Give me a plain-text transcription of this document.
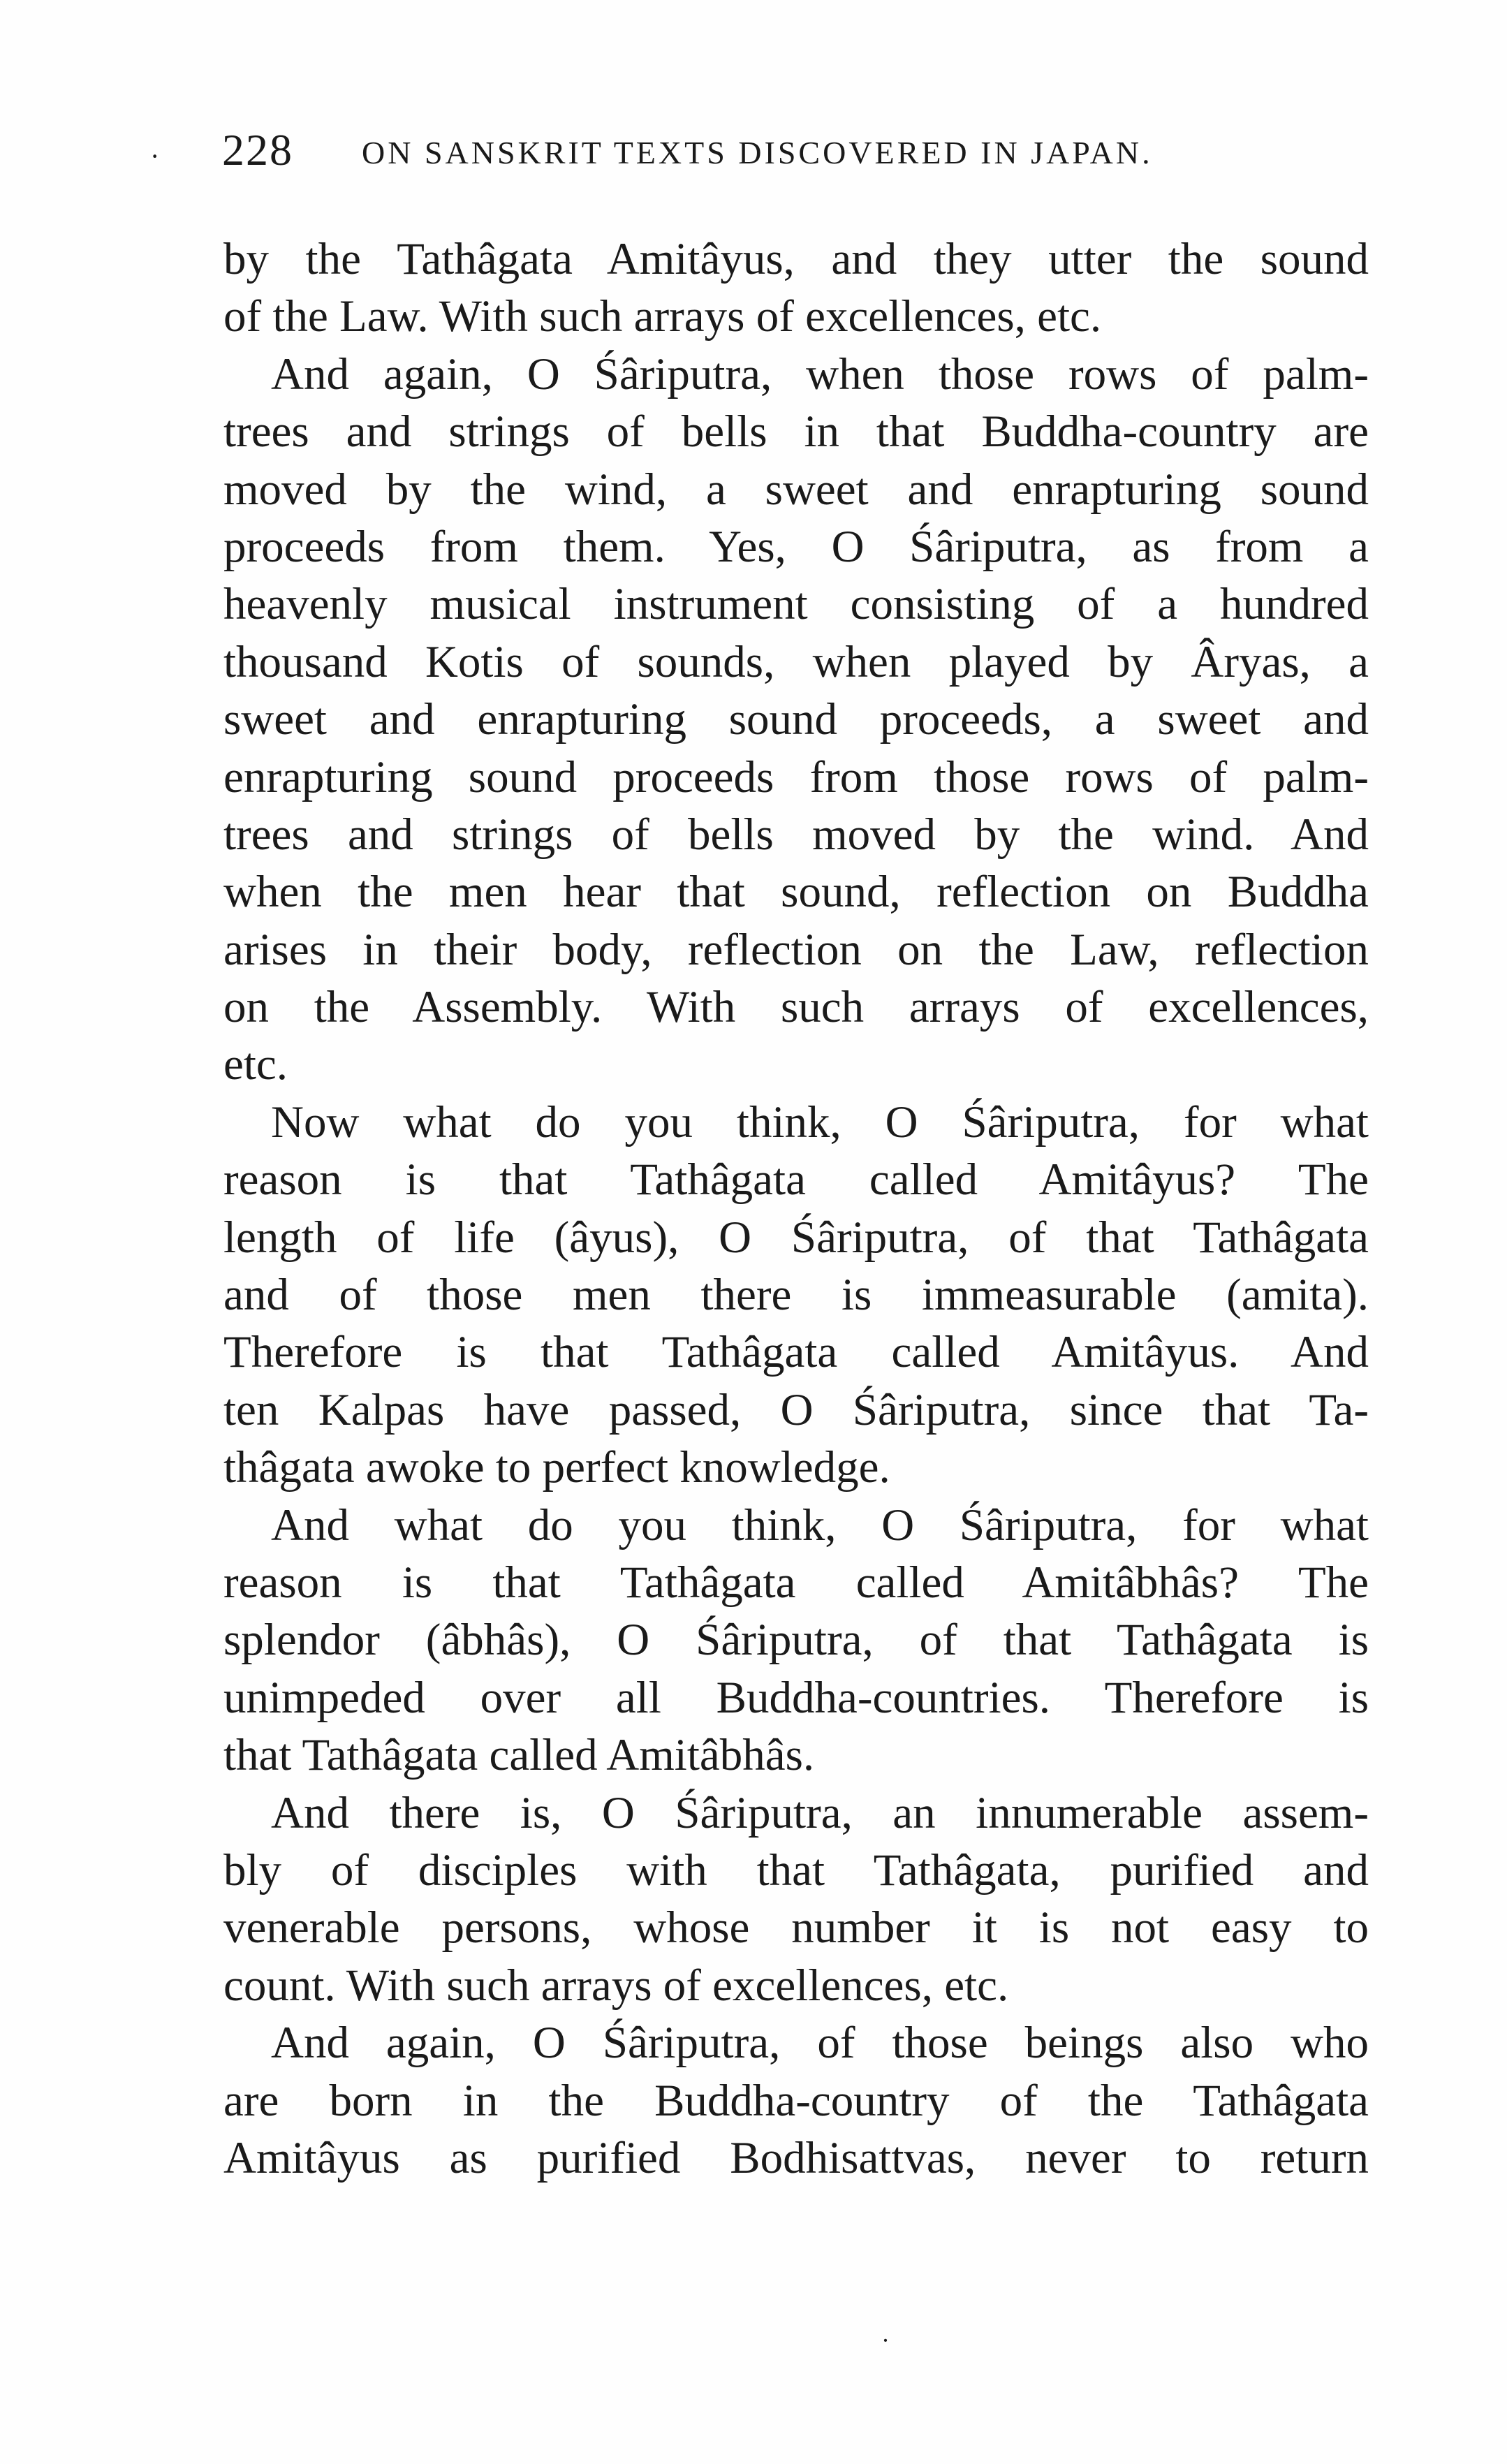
· 228 ON SANSKRIT TEXTS DISCOVERED IN JAPAN.
by the Tathâgata Amitâyus, and they utter the sound
of the Law. With such arrays of excellences, etc.
And again, O Śâriputra, when those rows of palm-
trees and strings of bells in that Buddha-country are
moved by the wind, a sweet and enrapturing sound
proceeds from them. Yes, O Śâriputra, as from a
heavenly musical instrument consisting of a hundred
thousand Kotis of sounds, when played by Âryas, a
sweet and enrapturing sound proceeds, a sweet and
enrapturing sound proceeds from those rows of palm-
trees and strings of bells moved by the wind. And
when the men hear that sound, reflection on Buddha
arises in their body, reflection on the Law, reflection
on the Assembly. With such arrays of excellences,
etc.
Now what do you think, O Śâriputra, for what
reason is that Tathâgata called Amitâyus? The
length of life (âyus), O Śâriputra, of that Tathâgata
and of those men there is immeasurable (amita).
Therefore is that Tathâgata called Amitâyus. And
ten Kalpas have passed, O Śâriputra, since that Ta-
thâgata awoke to perfect knowledge.
And what do you think, O Śâriputra, for what
reason is that Tathâgata called Amitâbhâs? The
splendor (âbhâs), O Śâriputra, of that Tathâgata is
unimpeded over all Buddha-countries. Therefore is
that Tathâgata called Amitâbhâs.
And there is, O Śâriputra, an innumerable assem-
bly of disciples with that Tathâgata, purified and
venerable persons, whose number it is not easy to
count. With such arrays of excellences, etc.
And again, O Śâriputra, of those beings also who
are born in the Buddha-country of the Tathâgata
Amitâyus as purified Bodhisattvas, never to return
·
